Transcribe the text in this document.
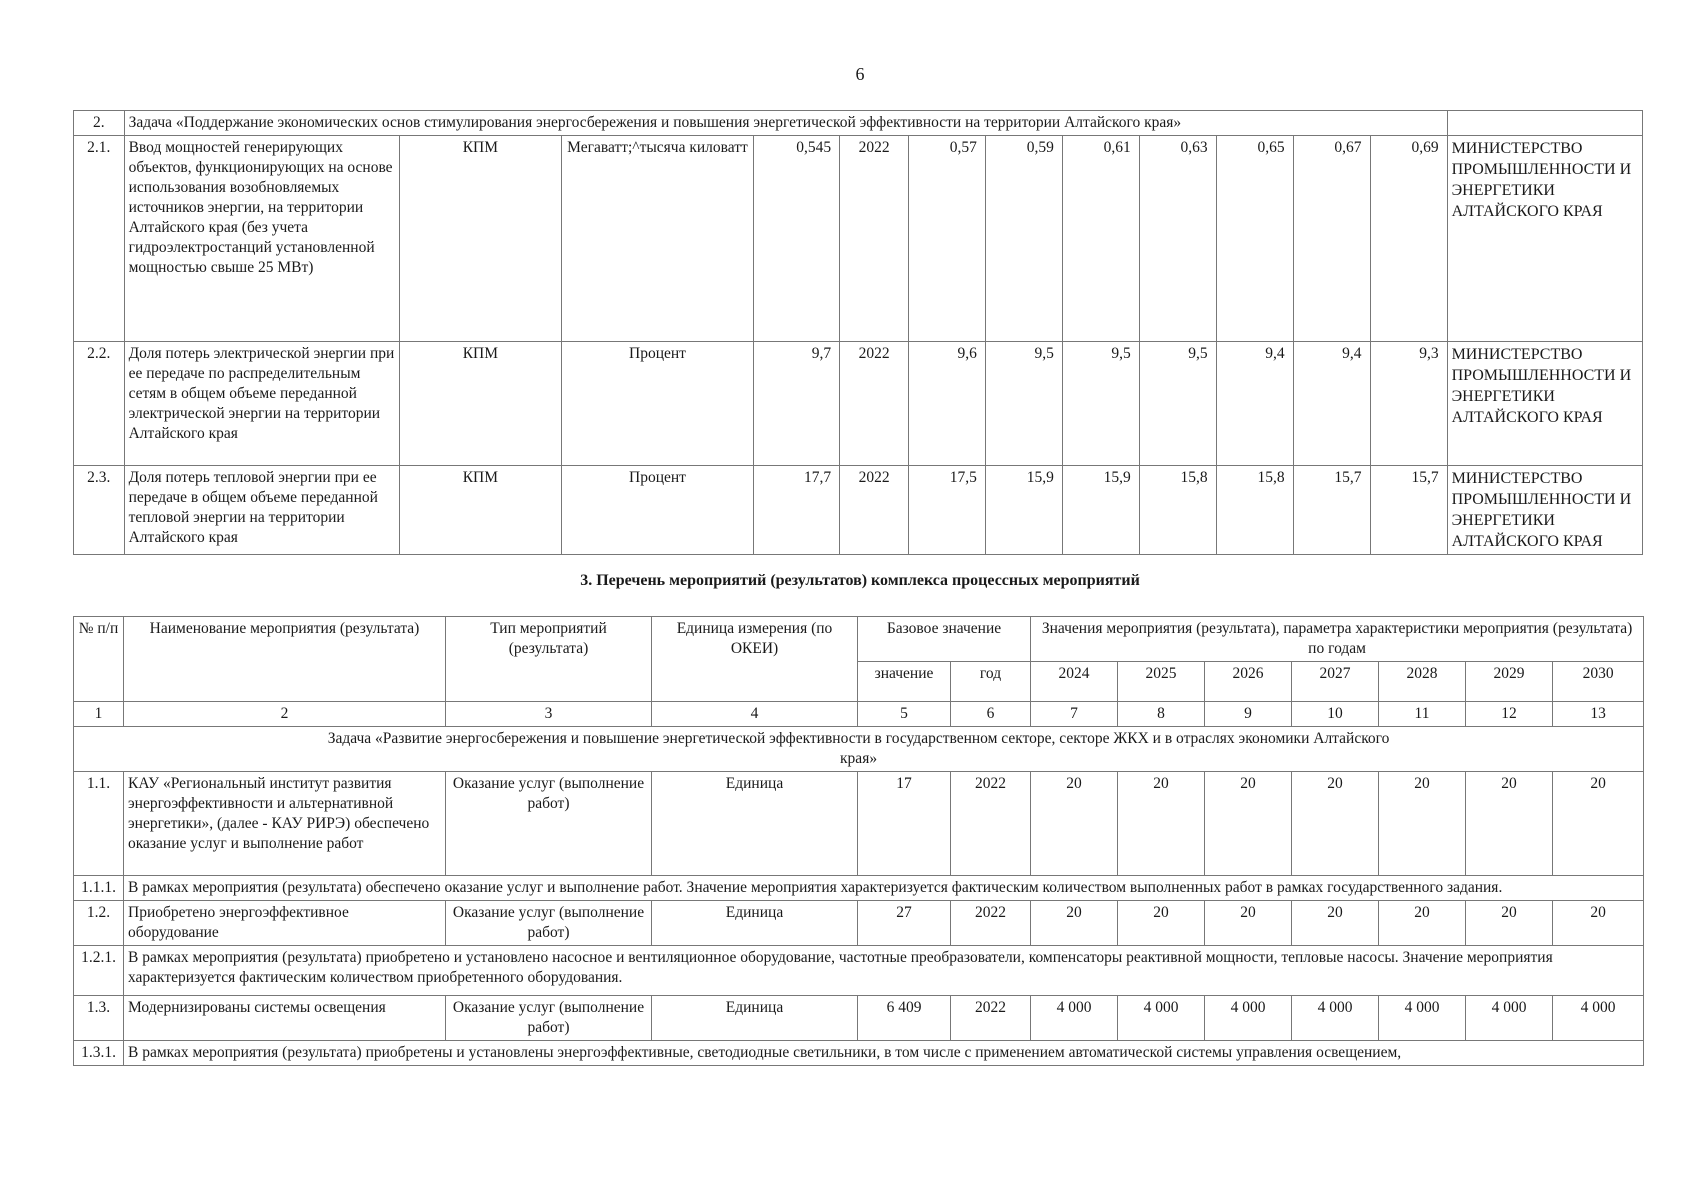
6
2.	Задача «Поддержание экономических основ стимулирования энергосбережения и повышения энергетической эффективности на территории Алтайского края»												
2.1.	Ввод мощностей генерирующих объектов, функционирующих на основе использования возобновляемых источников энергии, на территории Алтайского края (без учета гидроэлектростанций установленной мощностью свыше 25 МВт)	КПМ	Мегаватт;^тысяча киловатт	0,545	2022	0,57	0,59	0,61	0,63	0,65	0,67	0,69	МИНИСТЕРСТВО ПРОМЫШЛЕННОСТИ И ЭНЕРГЕТИКИ АЛТАЙСКОГО КРАЯ
2.2.	Доля потерь электрической энергии при ее передаче по распределительным сетям в общем объеме переданной электрической энергии на территории Алтайского края	КПМ	Процент	9,7	2022	9,6	9,5	9,5	9,5	9,4	9,4	9,3	МИНИСТЕРСТВО ПРОМЫШЛЕННОСТИ И ЭНЕРГЕТИКИ АЛТАЙСКОГО КРАЯ
2.3.	Доля потерь тепловой энергии при ее передаче в общем объеме переданной тепловой энергии на территории Алтайского края	КПМ	Процент	17,7	2022	17,5	15,9	15,9	15,8	15,8	15,7	15,7	МИНИСТЕРСТВО ПРОМЫШЛЕННОСТИ И ЭНЕРГЕТИКИ АЛТАЙСКОГО КРАЯ
3. Перечень мероприятий (результатов) комплекса процессных мероприятий
№ п/п	Наименование мероприятия (результата)	Тип мероприятий (результата)	Единица измерения (по ОКЕИ)	Базовое значение		Значения мероприятия (результата), параметра характеристики мероприятия (результата) по годам						
				значение	год	2024	2025	2026	2027	2028	2029	2030
1	2	3	4	5	6	7	8	9	10	11	12	13
Задача «Развитие энергосбережения и повышение энергетической эффективности в государственном секторе, секторе ЖКХ и в отраслях экономики Алтайского края»												
1.1.	КАУ «Региональный институт развития энергоэффективности и альтернативной энергетики», (далее - КАУ РИРЭ) обеспечено оказание услуг и выполнение работ	Оказание услуг (выполнение работ)	Единица	17	2022	20	20	20	20	20	20	20
1.1.1.	В рамках мероприятия (результата) обеспечено оказание услуг и выполнение работ. Значение мероприятия характеризуется фактическим количеством выполненных работ в рамках государственного задания.											
1.2.	Приобретено энергоэффективное оборудование	Оказание услуг (выполнение работ)	Единица	27	2022	20	20	20	20	20	20	20
1.2.1.	В рамках мероприятия (результата) приобретено и установлено насосное и вентиляционное оборудование, частотные преобразователи, компенсаторы реактивной мощности, тепловые насосы. Значение мероприятия характеризуется фактическим количеством приобретенного оборудования.											
1.3.	Модернизированы системы освещения	Оказание услуг (выполнение работ)	Единица	6 409	2022	4 000	4 000	4 000	4 000	4 000	4 000	4 000
1.3.1.	В рамках мероприятия (результата) приобретены и установлены энергоэффективные, светодиодные светильники, в том числе с применением автоматической системы управления освещением,											
